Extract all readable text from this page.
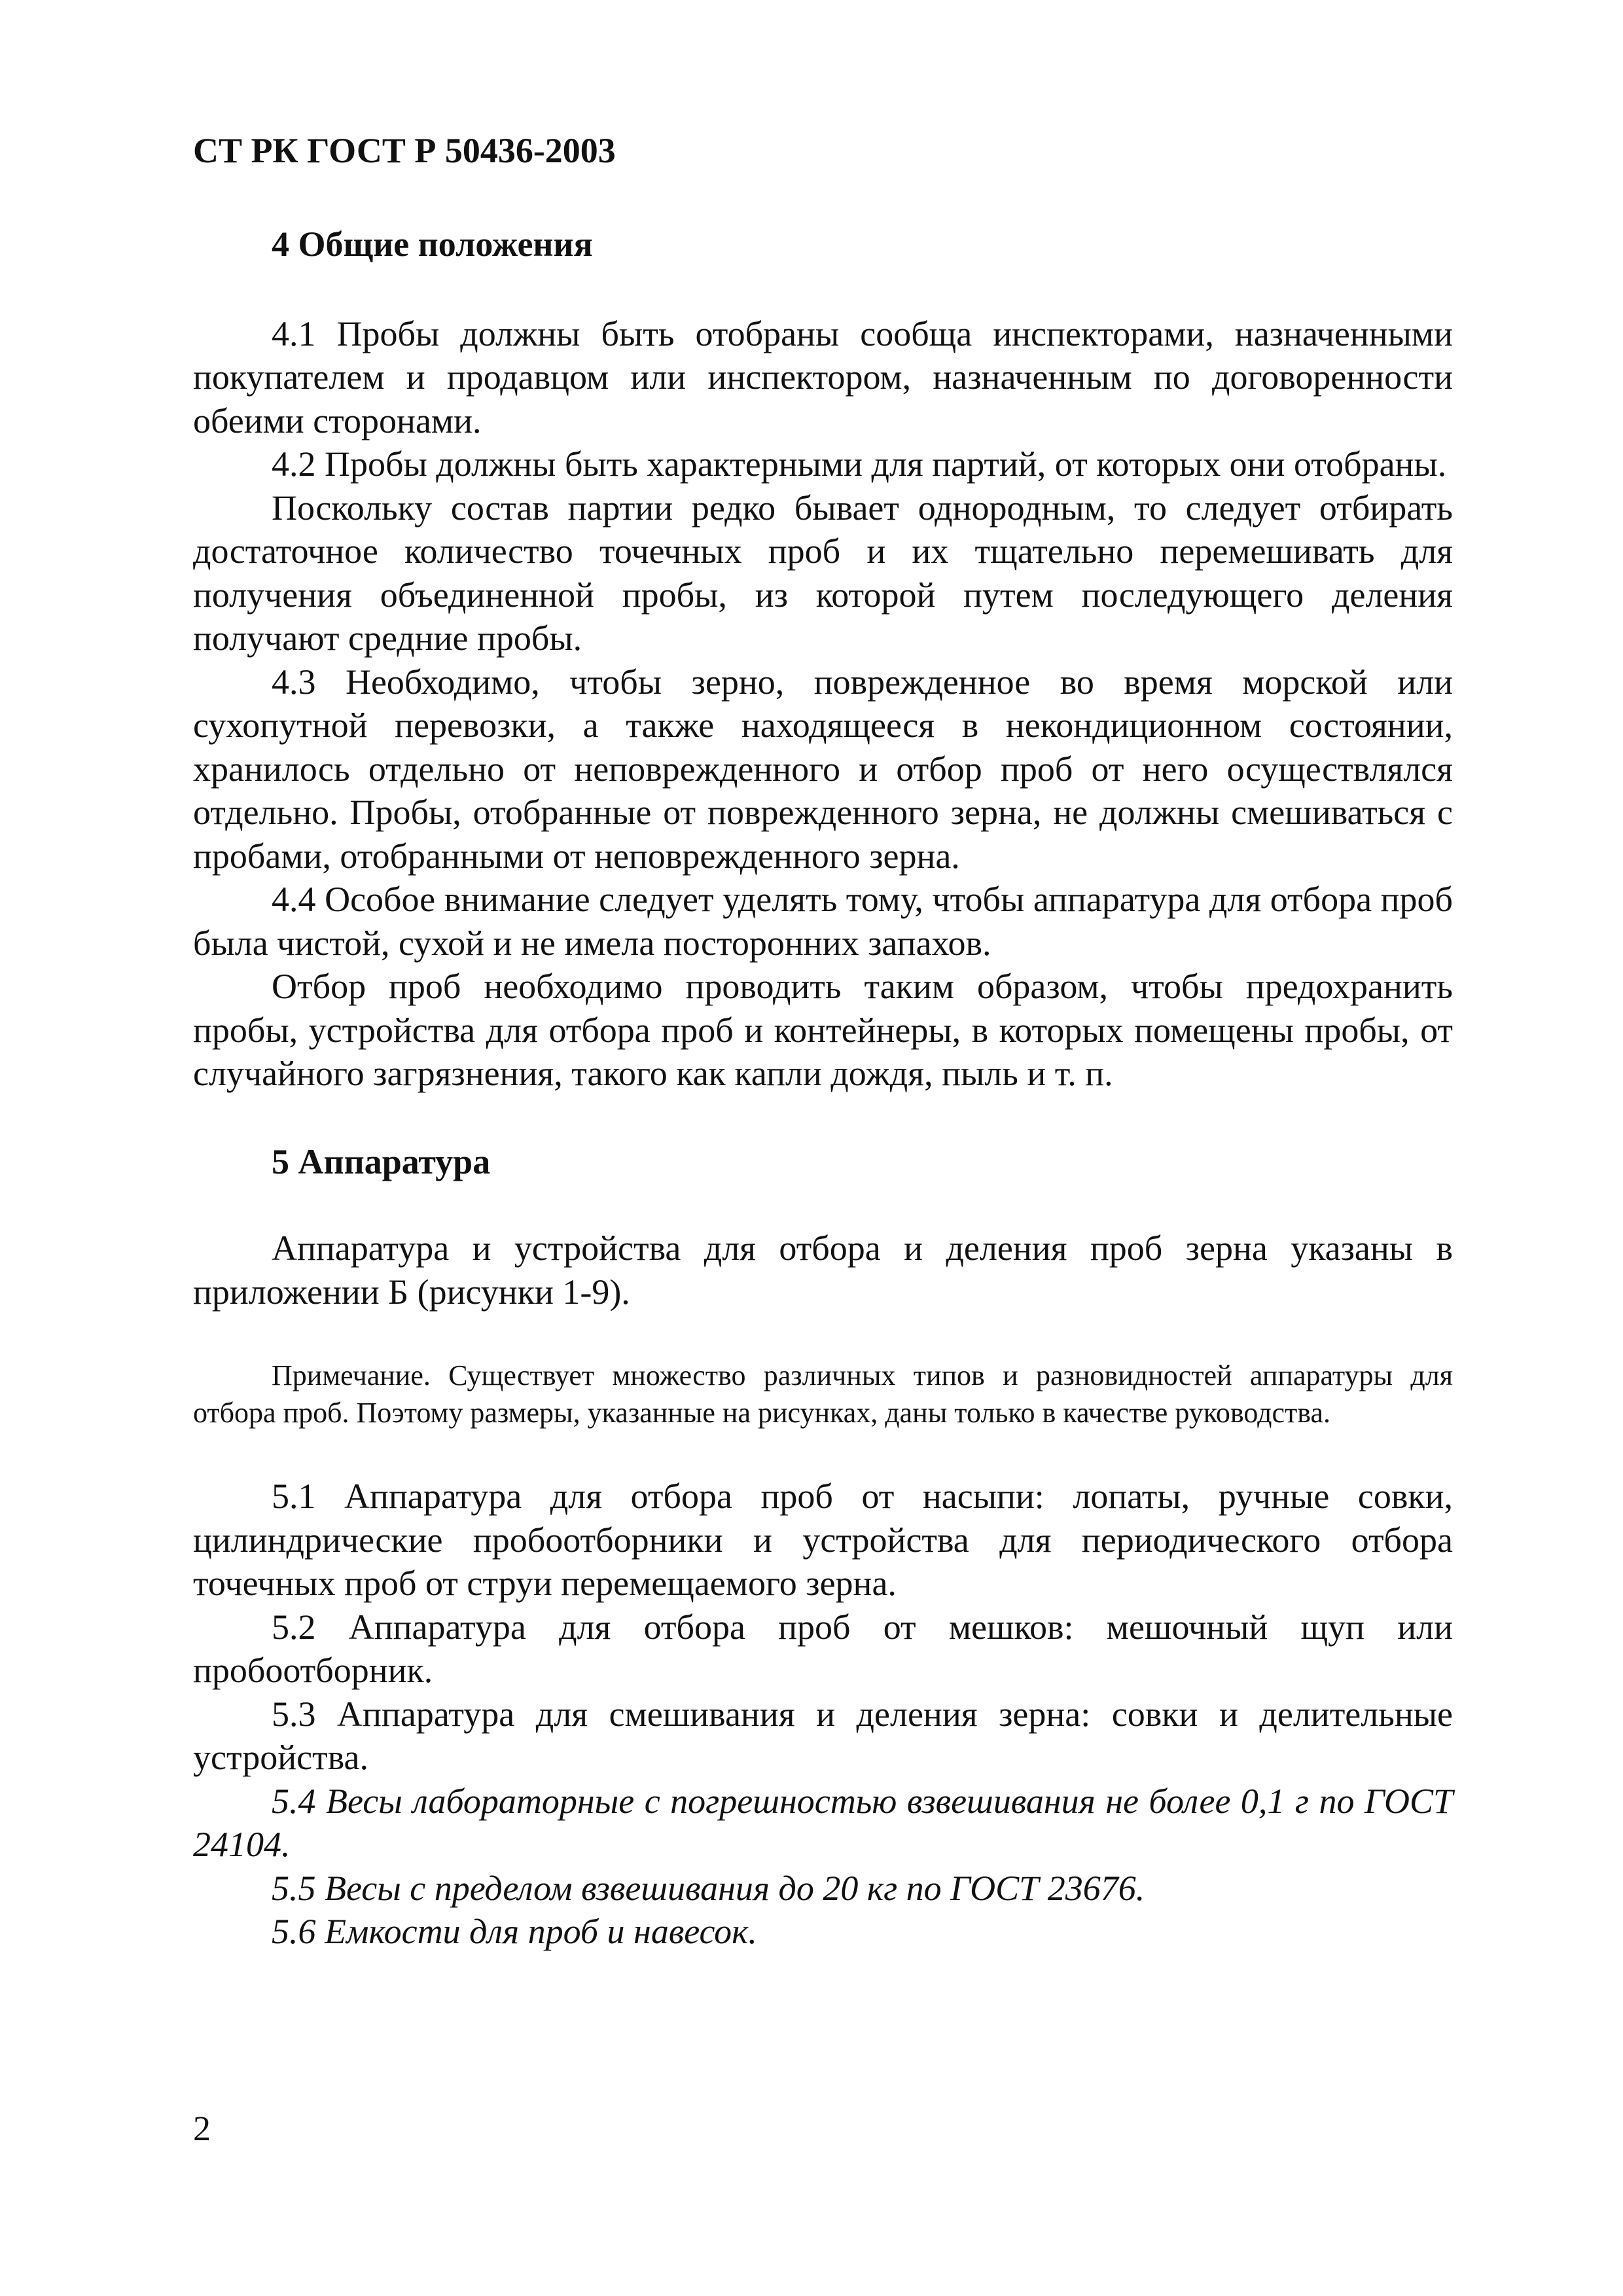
СТ РК ГОСТ Р 50436-2003
4 Общие положения

4.1 Пробы должны быть отобраны сообща инспекторами, назначенными покупателем и продавцом или инспектором, назначенным по договоренности обеими сторонами.

4.2 Пробы должны быть характерными для партий, от которых они отобраны.

Поскольку состав партии редко бывает однородным, то следует отбирать достаточное количество точечных проб и их тщательно перемешивать для получения объединенной пробы, из которой путем последующего деления получают средние пробы.

4.3 Необходимо, чтобы зерно, поврежденное во время морской или сухопутной перевозки, а также находящееся в некондиционном состоянии, хранилось отдельно от неповрежденного и отбор проб от него осуществлялся отдельно. Пробы, отобранные от поврежденного зерна, не должны смешиваться с пробами, отобранными от неповрежденного зерна.

4.4 Особое внимание следует уделять тому, чтобы аппаратура для отбора проб была чистой, сухой и не имела посторонних запахов.

Отбор проб необходимо проводить таким образом, чтобы предохранить пробы, устройства для отбора проб и контейнеры, в которых помещены пробы, от случайного загрязнения, такого как капли дождя, пыль и т. п.

5 Аппаратура

Аппаратура и устройства для отбора и деления проб зерна указаны в приложении Б (рисунки 1-9).

Примечание. Существует множество различных типов и разновидностей аппаратуры для отбора проб. Поэтому размеры, указанные на рисунках, даны только в качестве руководства.

5.1 Аппаратура для отбора проб от насыпи: лопаты, ручные совки, цилиндрические пробоотборники и устройства для периодического отбора точечных проб от струи перемещаемого зерна.

5.2 Аппаратура для отбора проб от мешков: мешочный щуп или пробоотборник.

5.3 Аппаратура для смешивания и деления зерна: совки и делительные устройства.

5.4 Весы лабораторные с погрешностью взвешивания не более 0,1 г по ГОСТ 24104.

5.5 Весы с пределом взвешивания до 20 кг по ГОСТ 23676.

5.6 Емкости для проб и навесок.

2
